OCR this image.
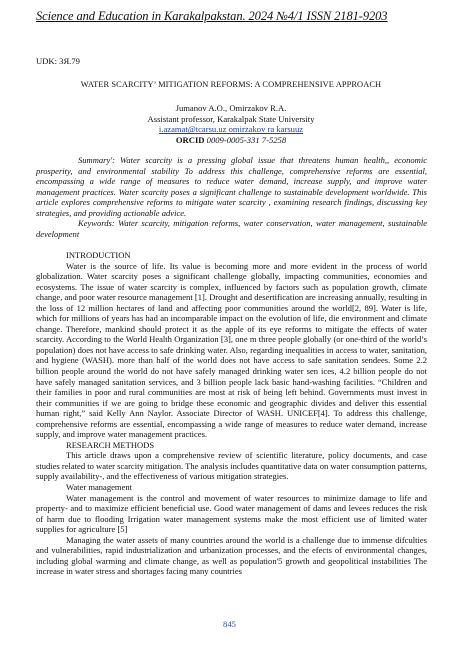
Science and Education in Karakalpakstan. 2024 №4/1 ISSN 2181-9203
UDK: 3Я.79
WATER SCARCITY’ MITIGATION REFORMS: A COMPREHENSIVE APPROACH
Jumanov A.O., Omirzakov R.A.
Assistant professor, Karakalpak State University
i.azamat@tcarsu.uz omirzakov ra karsuuz
ORCID 0009-0005-331 7-5258

Summary': Water scarcity is a pressing global issue that threatens human health,, economic prosperity, and environmental stability To address this challenge, comprehensive reforms are essential, encompassing a wide range of measures to reduce water demand, increase supply, and improve water management practices. Water scarcity poses a significant challenge to sustainable development worldwide. This article explores comprehensive reforms to mitigate water scarcity , examining research findings, discussing key strategies, and providing actionable advice.

Keywords: Water scarcity, mitigation reforms, water conservation, water management, sustainable development

INTRODUCTION

Water is the source of life. Its value is becoming more and more evident in the process of world globalization. Water scarcity poses a significant challenge globally, impacting communities, economies and ecosystems. The issue of water scarcity is complex, influenced by factors such as population growth, climate change, and poor water resource management [1]. Drought and desertification are increasing annually, resulting in the loss of 12 million hectares of land and affecting poor communities around the world[2, 89]. Water is life, which for millions of years has had an incomparable impact on the evolution of life, die environment and climate change. Therefore, mankind should protect it as the apple of its eye reforms to mitigate the effects of water scarcity. According to the World Health Organization [3], one m three people globally (or one-third of the world’s population) does not have access to safe drinking water. Also, regarding inequalities in access to water, sanitation, and hygiene (WASH). more than half of the world does not have access to safe sanitation sendees. Some 2.2 billion people around the world do not have safely managed drinking water sen ices, 4.2 billion people do not have safely managed sanitation services, and 3 billion people lack basic hand-washing facilities. “Children and their families in poor and rural communities are most at risk of being left behind. Governments must invest in their communities if we are going to bridge these economic and geographic divides and deliver this essential human right,” said Kelly Ann Naylor. Associate Director of WASH. UNICEF[4]. To address this challenge, comprehensive reforms are essential, encompassing a wide range of measures to reduce water demand, increase supply, and improve water management practices.

RESEARCH METHODS

This article draws upon a comprehensive review of scientific literature, policy documents, and case studies related to water scarcity mitigation. The analysis includes quantitative data on water consumption patterns, supply availability-, and the effectiveness of various mitigation strategies.

Water management

Water management is the control and movement of water resources to minimize damage to life and property- and to maximize efficient beneficial use. Good water management of dams and levees reduces the risk of harm due to flooding Irrigation water management systems make the most efficient use of limited water supplies for agriculture [5]

Managing the water assets of many countries around the world is a challenge due to immense difculties and vulnerabilities, rapid industrialization and urbanization processes, and the efects of environmental changes, including global warming and climate change, as well as population'5 growth and geopolitical instabilities The increase in water stress and shortages facing many countries

845
